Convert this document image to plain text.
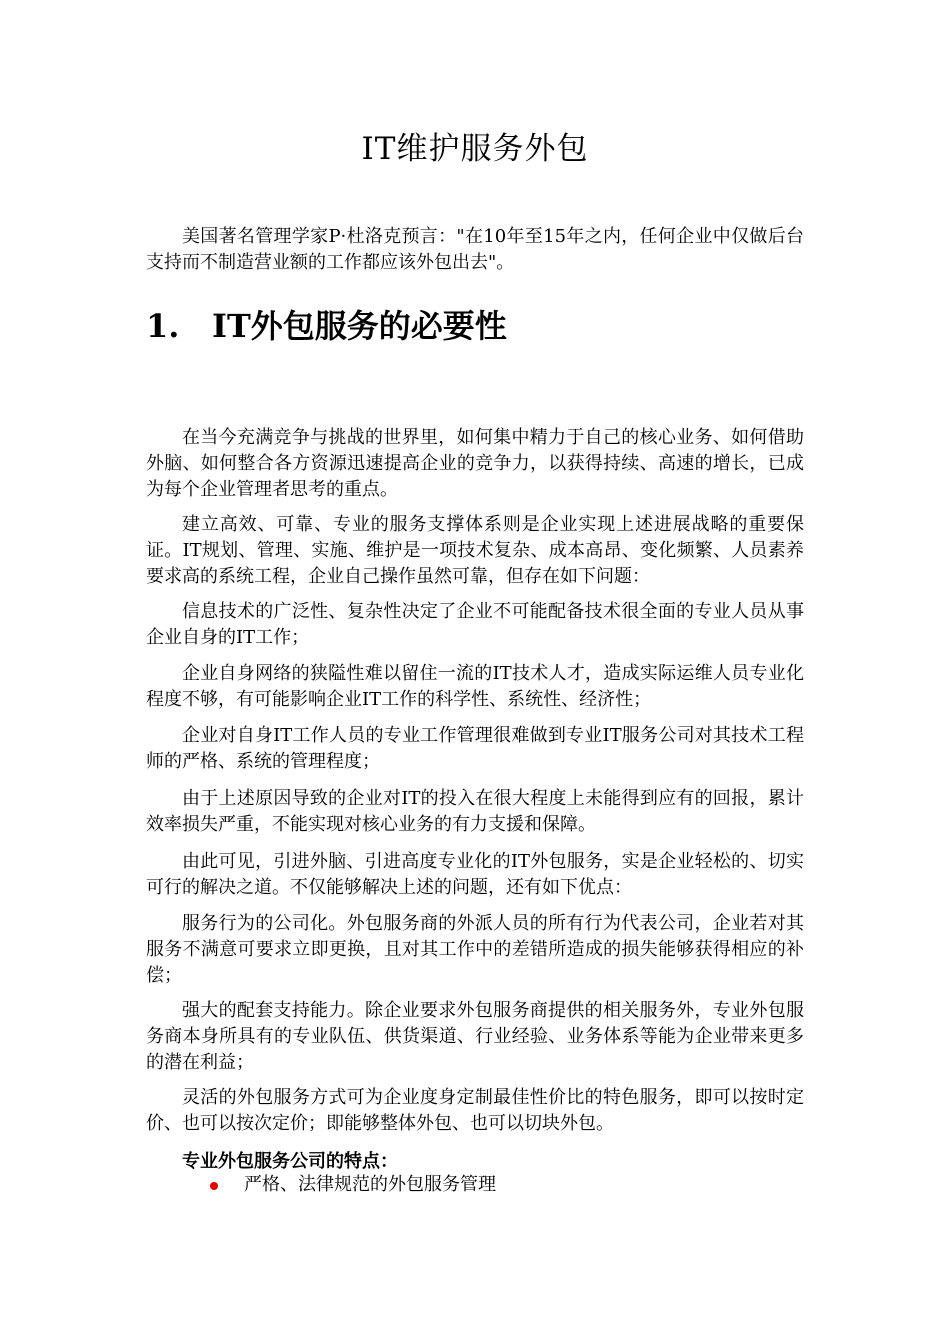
IT维护服务外包

美国著名管理学家P·杜洛克预言："在10年至15年之内，任何企业中仅做后台支持而不制造营业额的工作都应该外包出去"。

1. IT外包服务的必要性

在当今充满竞争与挑战的世界里，如何集中精力于自己的核心业务、如何借助外脑、如何整合各方资源迅速提高企业的竞争力，以获得持续、高速的增长，已成为每个企业管理者思考的重点。

建立高效、可靠、专业的服务支撑体系则是企业实现上述进展战略的重要保证。IT规划、管理、实施、维护是一项技术复杂、成本高昂、变化频繁、人员素养要求高的系统工程，企业自己操作虽然可靠，但存在如下问题：

信息技术的广泛性、复杂性决定了企业不可能配备技术很全面的专业人员从事企业自身的IT工作；

企业自身网络的狭隘性难以留住一流的IT技术人才，造成实际运维人员专业化程度不够，有可能影响企业IT工作的科学性、系统性、经济性；

企业对自身IT工作人员的专业工作管理很难做到专业IT服务公司对其技术工程师的严格、系统的管理程度；

由于上述原因导致的企业对IT的投入在很大程度上未能得到应有的回报，累计效率损失严重，不能实现对核心业务的有力支援和保障。

由此可见，引进外脑、引进高度专业化的IT外包服务，实是企业轻松的、切实可行的解决之道。不仅能够解决上述的问题，还有如下优点：

服务行为的公司化。外包服务商的外派人员的所有行为代表公司，企业若对其服务不满意可要求立即更换，且对其工作中的差错所造成的损失能够获得相应的补偿；

强大的配套支持能力。除企业要求外包服务商提供的相关服务外，专业外包服务商本身所具有的专业队伍、供货渠道、行业经验、业务体系等能为企业带来更多的潜在利益；

灵活的外包服务方式可为企业度身定制最佳性价比的特色服务，即可以按时定价、也可以按次定价；即能够整体外包、也可以切块外包。

专业外包服务公司的特点：

严格、法律规范的外包服务管理
